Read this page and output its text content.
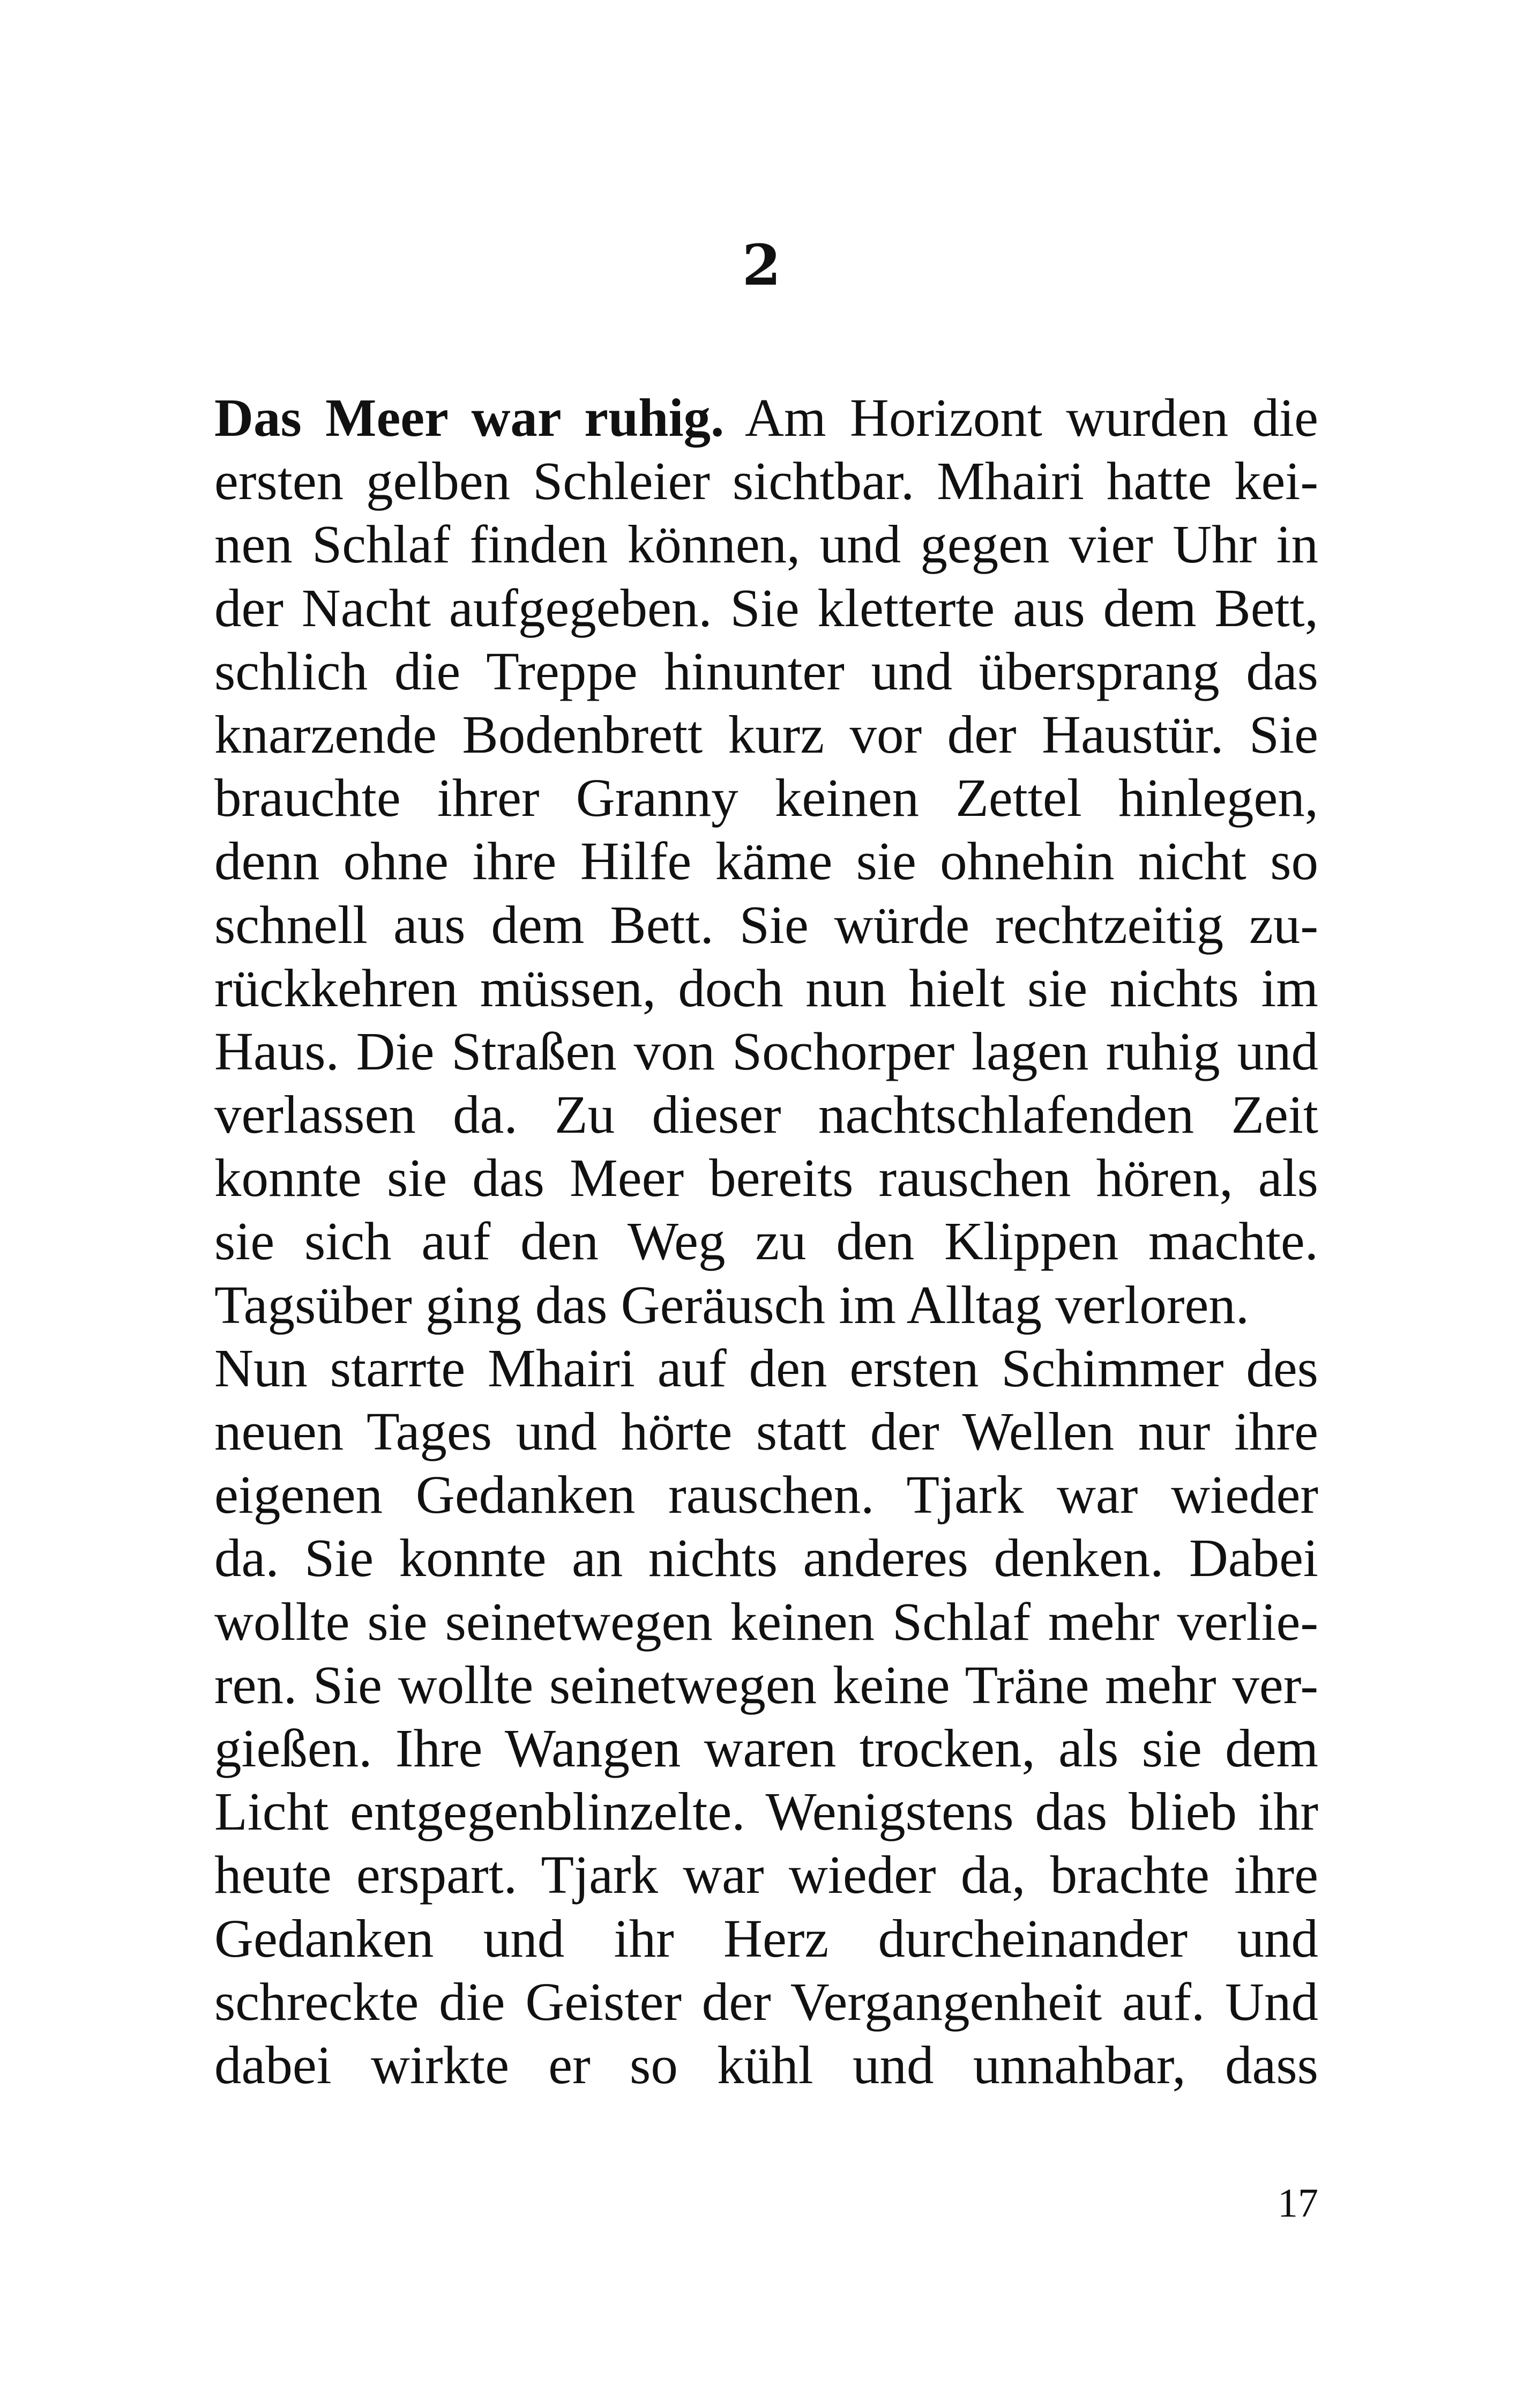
2
Das Meer war ruhig. Am Horizont wurden die
ersten gelben Schleier sichtbar. Mhairi hatte kei-
nen Schlaf finden können, und gegen vier Uhr in
der Nacht aufgegeben. Sie kletterte aus dem Bett,
schlich die Treppe hinunter und übersprang das
knarzende Bodenbrett kurz vor der Haustür. Sie
brauchte ihrer Granny keinen Zettel hinlegen,
denn ohne ihre Hilfe käme sie ohnehin nicht so
schnell aus dem Bett. Sie würde rechtzeitig zu-
rückkehren müssen, doch nun hielt sie nichts im
Haus. Die Straßen von Sochorper lagen ruhig und
verlassen da. Zu dieser nachtschlafenden Zeit
konnte sie das Meer bereits rauschen hören, als
sie sich auf den Weg zu den Klippen machte.
Tagsüber ging das Geräusch im Alltag verloren.
Nun starrte Mhairi auf den ersten Schimmer des
neuen Tages und hörte statt der Wellen nur ihre
eigenen Gedanken rauschen. Tjark war wieder
da. Sie konnte an nichts anderes denken. Dabei
wollte sie seinetwegen keinen Schlaf mehr verlie-
ren. Sie wollte seinetwegen keine Träne mehr ver-
gießen. Ihre Wangen waren trocken, als sie dem
Licht entgegenblinzelte. Wenigstens das blieb ihr
heute erspart. Tjark war wieder da, brachte ihre
Gedanken und ihr Herz durcheinander und
schreckte die Geister der Vergangenheit auf. Und
dabei wirkte er so kühl und unnahbar, dass
17
